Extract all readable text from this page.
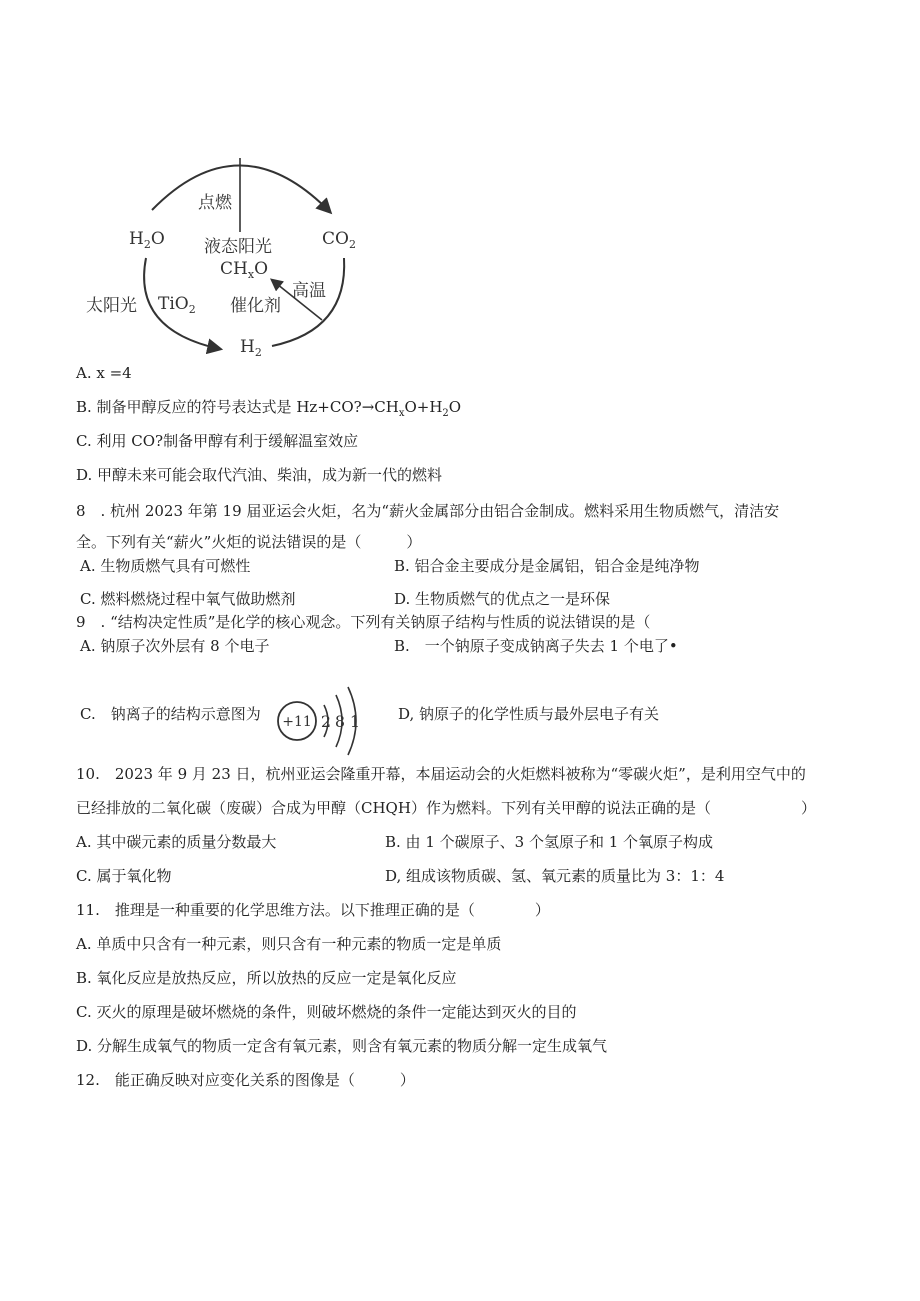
点燃
$H_2O$	$CO_2$
液态阳光
$CH_xO$
高温
催化剂
太阳光 TiO$_2$
$H_2$
A. x =4
B. 制备甲醇反应的符号表达式是 $Hz+CO?\to CH_xO+H_2O$
C. 利用 CO?制备甲醇有利于缓解温室效应
D. 甲醇未来可能会取代汽油、柴油，成为新一代的燃料
8　. 杭州 2023 年第 19 届亚运会火炬，名为“薪火金属部分由铝合金制成。燃料采用生物质燃气，清洁安
全。下列有关“薪火”火炬的说法错误的是（　　　）
A. 生物质燃气具有可燃性	B. 铝合金主要成分是金属铝，铝合金是纯净物
C. 燃料燃烧过程中氧气做助燃剂	D. 生物质燃气的优点之一是环保
9　. “结构决定性质”是化学的核心观念。下列有关钠原子结构与性质的说法错误的是（
A. 钠原子次外层有 8 个电子	B.　一个钠原子变成钠离子失去 1 个电了•
C.　钠离子的结构示意图为 +11 2 8 1	D, 钠原子的化学性质与最外层电子有关
10.　2023 年 9 月 23 日，杭州亚运会隆重开幕，本届运动会的火炬燃料被称为“零碳火炬”，是利用空气中的
已经排放的二氧化碳（废碳）合成为甲醇（CHQH）作为燃料。下列有关甲醇的说法正确的是（　　　　　　）
A. 其中碳元素的质量分数最大	B. 由 1 个碳原子、3 个氢原子和 1 个氧原子构成
C. 属于氧化物	D, 组成该物质碳、氢、氧元素的质量比为 3：1：4
11.　推理是一种重要的化学思维方法。以下推理正确的是（　　　　）
A. 单质中只含有一种元素，则只含有一种元素的物质一定是单质
B. 氧化反应是放热反应，所以放热的反应一定是氧化反应
C. 灭火的原理是破坏燃烧的条件，则破坏燃烧的条件一定能达到灭火的目的
D. 分解生成氧气的物质一定含有氧元素，则含有氧元素的物质分解一定生成氧气
12.　能正确反映对应变化关系的图像是（　　　）
